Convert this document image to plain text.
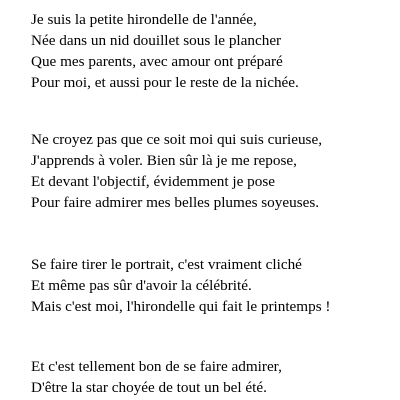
Je suis la petite hirondelle de l'année,
Née dans un nid douillet sous le plancher
Que mes parents, avec amour ont préparé
Pour moi, et aussi pour le reste de la nichée.
Ne croyez pas que ce soit moi qui suis curieuse,
J'apprends à voler. Bien sûr là je me repose,
Et devant l'objectif, évidemment je pose
Pour faire admirer mes belles plumes soyeuses.
Se faire tirer le portrait, c'est vraiment cliché
Et même pas sûr d'avoir la célébrité.
Mais c'est moi, l'hirondelle qui fait le printemps !
Et c'est tellement bon de se faire admirer,
D'être la star choyée de tout un bel été.
